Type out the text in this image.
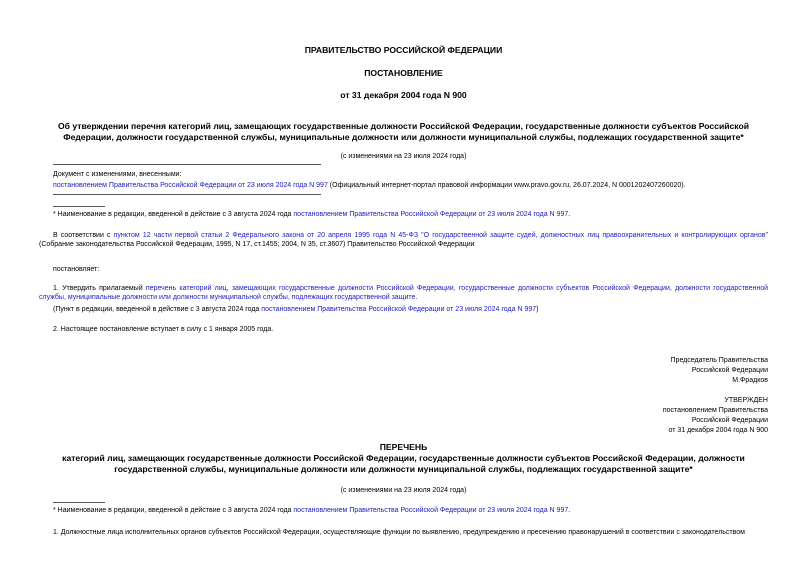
ПРАВИТЕЛЬСТВО РОССИЙСКОЙ ФЕДЕРАЦИИ
ПОСТАНОВЛЕНИЕ
от 31 декабря 2004 года N 900
Об утверждении перечня категорий лиц, замещающих государственные должности Российской Федерации, государственные должности субъектов Российской Федерации, должности государственной службы, муниципальные должности или должности муниципальной службы, подлежащих государственной защите*
(с изменениями на 23 июля 2024 года)
Документ с изменениями, внесенными:
постановлением Правительства Российской Федерации от 23 июля 2024 года N 997 (Официальный интернет-портал правовой информации www.pravo.gov.ru, 26.07.2024, N 0001202407260020).
* Наименование в редакции, введенной в действие с 3 августа 2024 года постановлением Правительства Российской Федерации от 23 июля 2024 года N 997.
В соответствии с пунктом 12 части первой статьи 2 Федерального закона от 20 апреля 1995 года N 45-ФЗ "О государственной защите судей, должностных лиц правоохранительных и контролирующих органов" (Собрание законодательства Российской Федерации, 1995, N 17, ст.1455; 2004, N 35, ст.3607) Правительство Российской Федерации
постановляет:
1. Утвердить прилагаемый перечень категорий лиц, замещающих государственные должности Российской Федерации, государственные должности субъектов Российской Федерации, должности государственной службы, муниципальные должности или должности муниципальной службы, подлежащих государственной защите.
(Пункт в редакции, введенной в действие с 3 августа 2024 года постановлением Правительства Российской Федерации от 23 июля 2024 года N 997)
2. Настоящее постановление вступает в силу с 1 января 2005 года.
Председатель Правительства
Российской Федерации
М.Фрадков
УТВЕРЖДЕН
постановлением Правительства
Российской Федерации
от 31 декабря 2004 года N 900
ПЕРЕЧЕНЬ
категорий лиц, замещающих государственные должности Российской Федерации, государственные должности субъектов Российской Федерации, должности государственной службы, муниципальные должности или должности муниципальной службы, подлежащих государственной защите*
(с изменениями на 23 июля 2024 года)
* Наименование в редакции, введенной в действие с 3 августа 2024 года постановлением Правительства Российской Федерации от 23 июля 2024 года N 997.
1. Должностные лица исполнительных органов субъектов Российской Федерации, осуществляющие функции по выявлению, предупреждению и пресечению правонарушений в соответствии с законодательством
